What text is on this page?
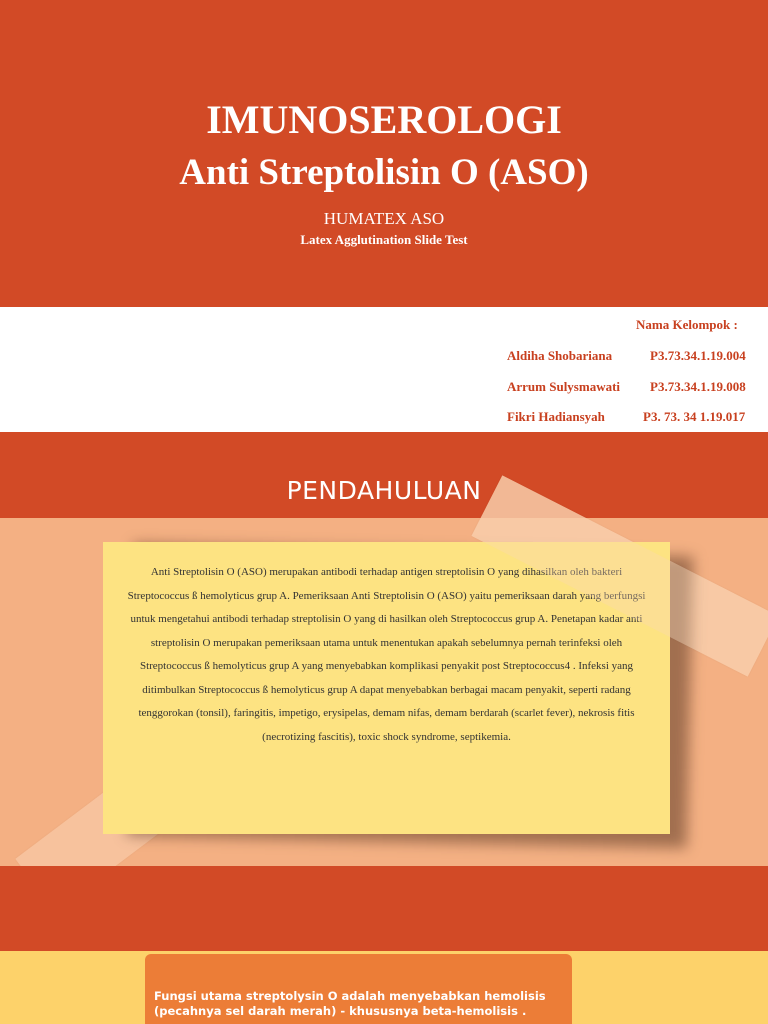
IMUNOSEROLOGI
Anti Streptolisin O (ASO)
HUMATEX ASO
Latex Agglutination Slide Test
Nama Kelompok :
Aldiha Shobariana	P3.73.34.1.19.004
Arrum Sulysmawati P3.73.34.1.19.008
Fikri Hadiansyah	P3. 73. 34 1.19.017
PENDAHULUAN
Anti Streptolisin O (ASO) merupakan antibodi terhadap antigen streptolisin O yang dihasilkan oleh bakteri Streptococcus ß hemolyticus grup A. Pemeriksaan Anti Streptolisin O (ASO) yaitu pemeriksaan darah yang berfungsi untuk mengetahui antibodi terhadap streptolisin O yang di hasilkan oleh Streptococcus grup A. Penetapan kadar anti streptolisin O merupakan pemeriksaan utama untuk menentukan apakah sebelumnya pernah terinfeksi oleh Streptococcus ß hemolyticus grup A yang menyebabkan komplikasi penyakit post Streptococcus4 . Infeksi yang ditimbulkan Streptococcus ß hemolyticus grup A dapat menyebabkan berbagai macam penyakit, seperti radang tenggorokan (tonsil), faringitis, impetigo, erysipelas, demam nifas, demam berdarah (scarlet fever), nekrosis fitis (necrotizing fascitis), toxic shock syndrome, septikemia.
Fungsi utama streptolysin O adalah menyebabkan hemolisis (pecahnya sel darah merah) - khususnya beta-hemolisis .
